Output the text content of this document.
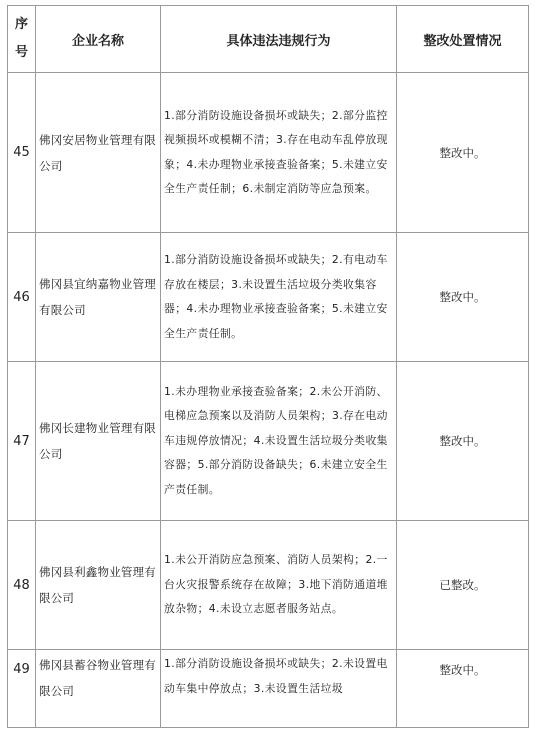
序
号	企业名称	具体违法违规行为	整改处置情况
45	佛冈安居物业管理有限公司	1.部分消防设施设备损坏或缺失；2.部分监控视频损坏或模糊不清；3.存在电动车乱停放现象；4.未办理物业承接查验备案；5.未建立安全生产责任制；6.未制定消防等应急预案。	整改中。
46	佛冈县宜纳嘉物业管理有限公司	1.部分消防设施设备损坏或缺失；2.有电动车存放在楼层；3.未设置生活垃圾分类收集容器；4.未办理物业承接查验备案；5.未建立安全生产责任制。	整改中。
47	佛冈长建物业管理有限公司	1.未办理物业承接查验备案；2.未公开消防、电梯应急预案以及消防人员架构；3.存在电动车违规停放情况；4.未设置生活垃圾分类收集容器；5.部分消防设备缺失；6.未建立安全生产责任制。	整改中。
48	佛冈县利鑫物业管理有限公司	1.未公开消防应急预案、消防人员架构；2.一台火灾报警系统存在故障；3.地下消防通道堆放杂物；4.未设立志愿者服务站点。	已整改。
49	佛冈县蓄谷物业管理有限公司	1.部分消防设施设备损坏或缺失；2.未设置电动车集中停放点；3.未设置生活垃圾	整改中。
